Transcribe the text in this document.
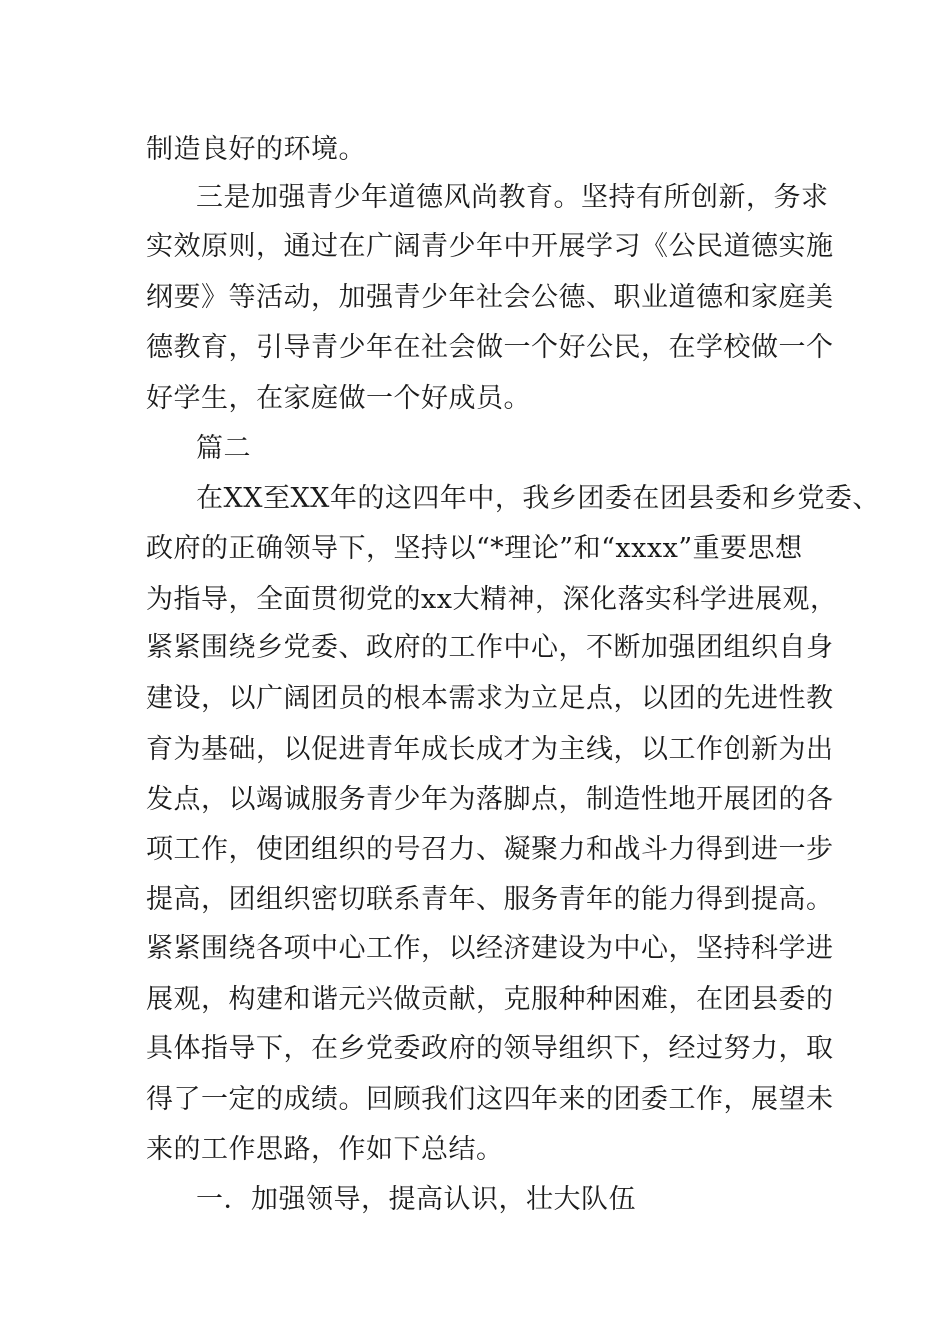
制造良好的环境。
三是加强青少年道德风尚教育。坚持有所创新，务求
实效原则，通过在广阔青少年中开展学习《公民道德实施
纲要》等活动，加强青少年社会公德、职业道德和家庭美
德教育，引导青少年在社会做一个好公民，在学校做一个
好学生，在家庭做一个好成员。
篇二
在XX至XX年的这四年中，我乡团委在团县委和乡党委、
政府的正确领导下，坚持以“*理论”和“xxxx”重要思想
为指导，全面贯彻党的xx大精神，深化落实科学进展观，
紧紧围绕乡党委、政府的工作中心，不断加强团组织自身
建设，以广阔团员的根本需求为立足点，以团的先进性教
育为基础，以促进青年成长成才为主线，以工作创新为出
发点，以竭诚服务青少年为落脚点，制造性地开展团的各
项工作，使团组织的号召力、凝聚力和战斗力得到进一步
提高，团组织密切联系青年、服务青年的能力得到提高。
紧紧围绕各项中心工作，以经济建设为中心，坚持科学进
展观，构建和谐元兴做贡献，克服种种困难，在团县委的
具体指导下，在乡党委政府的领导组织下，经过努力，取
得了一定的成绩。回顾我们这四年来的团委工作，展望未
来的工作思路，作如下总结。
一．加强领导，提高认识，壮大队伍
